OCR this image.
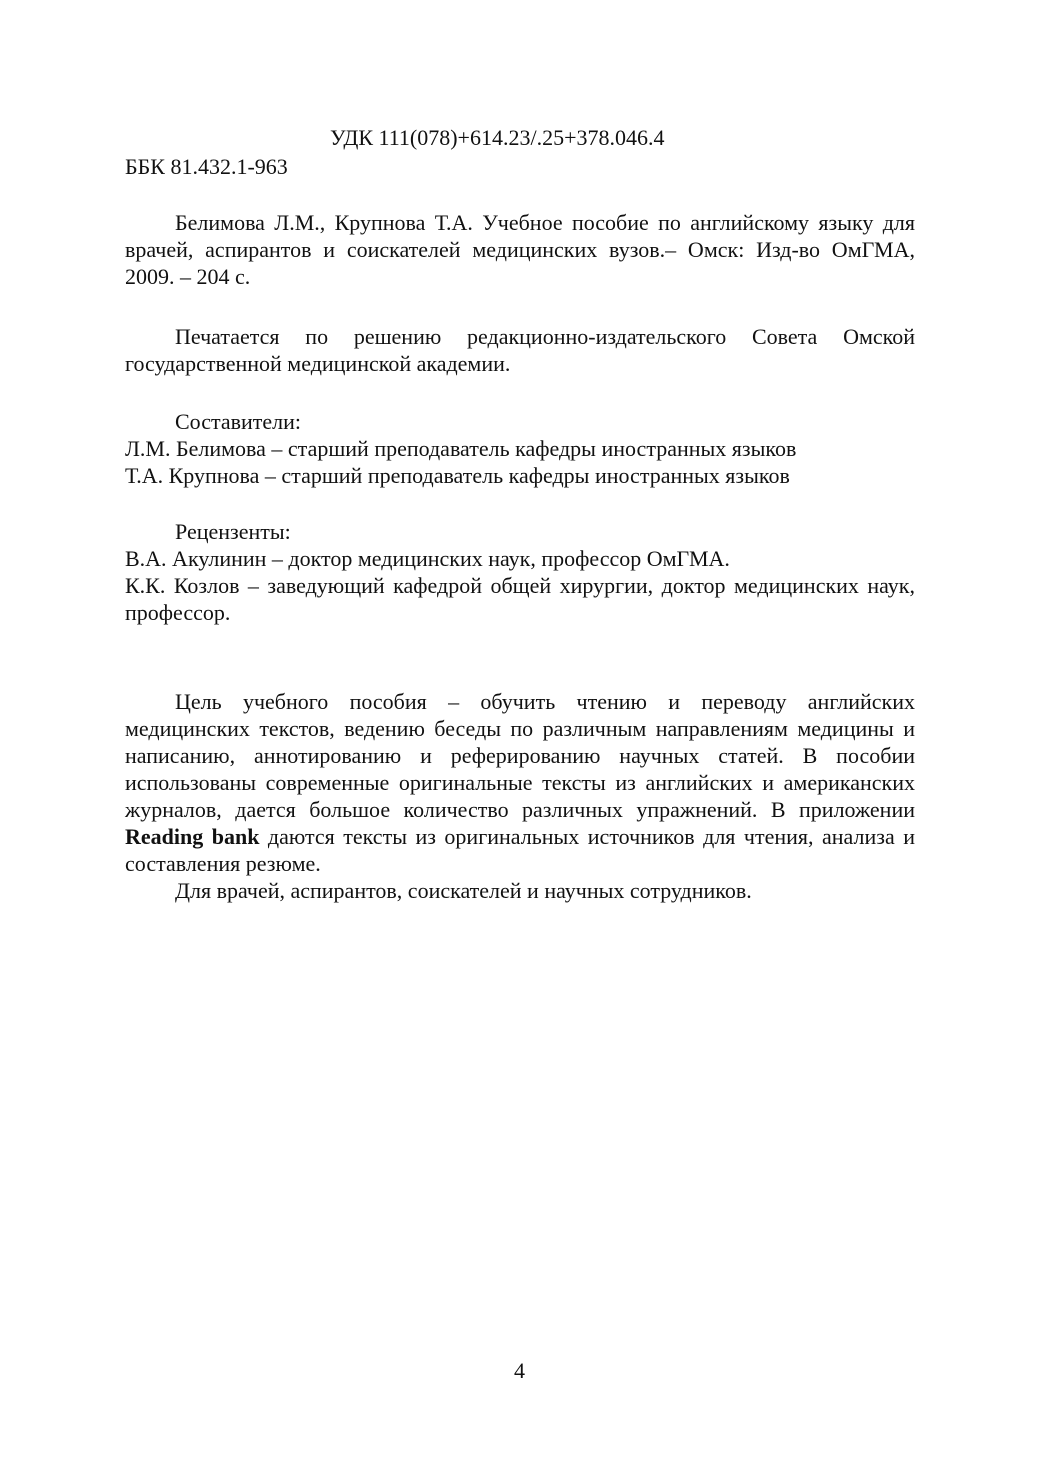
УДК 111(078)+614.23/.25+378.046.4
ББК 81.432.1-963

Белимова Л.М., Крупнова Т.А. Учебное пособие по английскому языку для врачей, аспирантов и соискателей медицинских вузов.– Омск: Изд-во ОмГМА, 2009. – 204 с.

Печатается по решению редакционно-издательского Совета Омской государственной медицинской академии.

Составители:

Л.М. Белимова – старший преподаватель кафедры иностранных языков

Т.А. Крупнова – старший преподаватель кафедры иностранных языков

Рецензенты:

В.А. Акулинин – доктор медицинских наук, профессор ОмГМА.

К.К. Козлов – заведующий кафедрой общей хирургии, доктор медицинских наук, профессор.

Цель учебного пособия – обучить чтению и переводу английских медицинских текстов, ведению беседы по различным направлениям медицины и написанию, аннотированию и реферированию научных статей. В пособии использованы современные оригинальные тексты из английских и американских журналов, дается большое количество различных упражнений. В приложении Reading bank даются тексты из оригинальных источников для чтения, анализа и составления резюме.

Для врачей, аспирантов, соискателей и научных сотрудников.

4
